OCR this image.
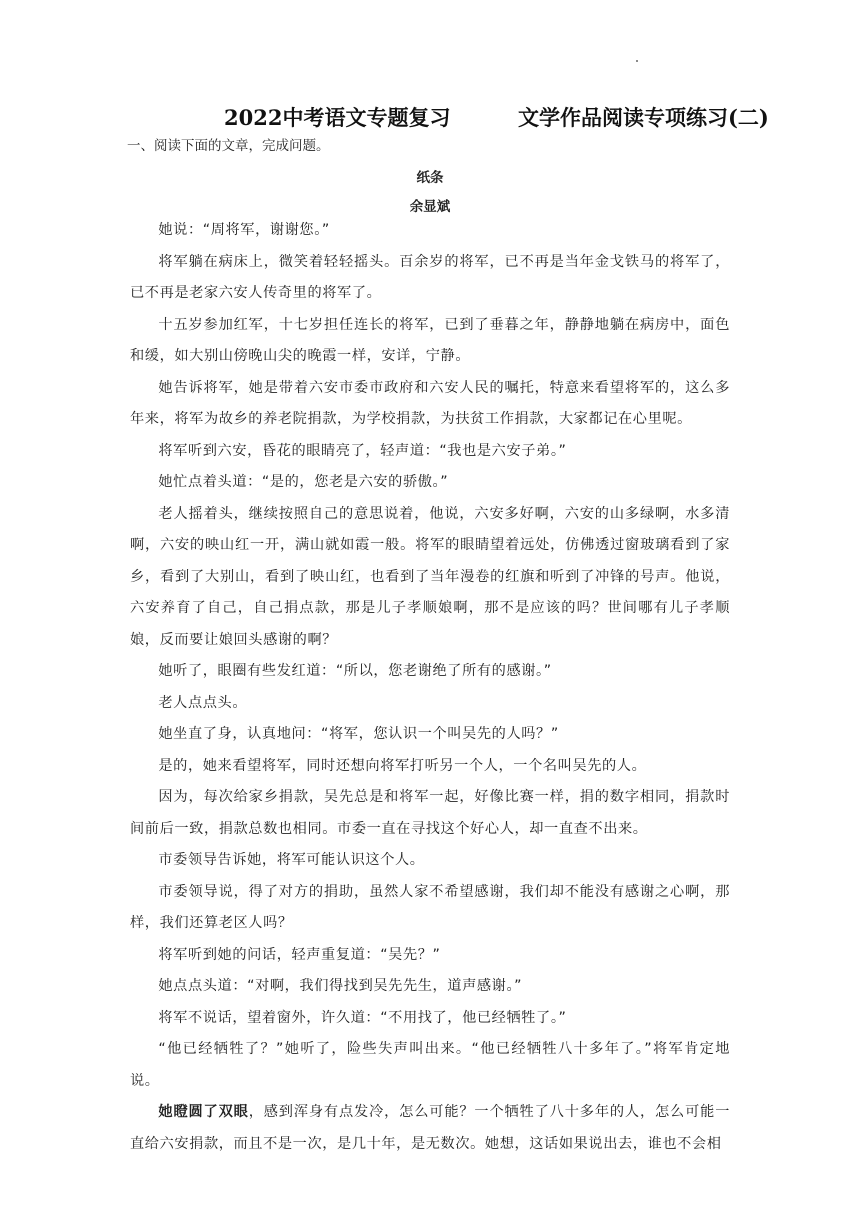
2022中考语文专题复习	文学作品阅读专项练习(二)
一、阅读下面的文章，完成问题。
纸条
余显斌

她说：“周将军，谢谢您。”

将军躺在病床上，微笑着轻轻摇头。百余岁的将军，已不再是当年金戈铁马的将军了，已不再是老家六安人传奇里的将军了。

十五岁参加红军，十七岁担任连长的将军，已到了垂暮之年，静静地躺在病房中，面色和缓，如大别山傍晚山尖的晚霞一样，安详，宁静。

她告诉将军，她是带着六安市委市政府和六安人民的嘱托，特意来看望将军的，这么多年来，将军为故乡的养老院捐款，为学校捐款，为扶贫工作捐款，大家都记在心里呢。

将军听到六安，昏花的眼睛亮了，轻声道：“我也是六安子弟。”

她忙点着头道：“是的，您老是六安的骄傲。”

老人摇着头，继续按照自己的意思说着，他说，六安多好啊，六安的山多绿啊，水多清啊，六安的映山红一开，满山就如霞一般。将军的眼睛望着远处，仿佛透过窗玻璃看到了家乡，看到了大别山，看到了映山红，也看到了当年漫卷的红旗和听到了冲锋的号声。他说，六安养育了自己，自己捐点款，那是儿子孝顺娘啊，那不是应该的吗？世间哪有儿子孝顺娘，反而要让娘回头感谢的啊？

她听了，眼圈有些发红道：“所以，您老谢绝了所有的感谢。”

老人点点头。

她坐直了身，认真地问：“将军，您认识一个叫吴先的人吗？”

是的，她来看望将军，同时还想向将军打听另一个人，一个名叫吴先的人。

因为，每次给家乡捐款，吴先总是和将军一起，好像比赛一样，捐的数字相同，捐款时间前后一致，捐款总数也相同。市委一直在寻找这个好心人，却一直查不出来。

市委领导告诉她，将军可能认识这个人。

市委领导说，得了对方的捐助，虽然人家不希望感谢，我们却不能没有感谢之心啊，那样，我们还算老区人吗？

将军听到她的问话，轻声重复道：“吴先？”

她点点头道：“对啊，我们得找到吴先先生，道声感谢。”

将军不说话，望着窗外，许久道：“不用找了，他已经牺牲了。”

“他已经牺牲了？”她听了，险些失声叫出来。“他已经牺牲八十多年了。”将军肯定地说。

她瞪圆了双眼，感到浑身有点发冷，怎么可能？一个牺牲了八十多年的人，怎么可能一直给六安捐款，而且不是一次，是几十年，是无数次。她想，这话如果说出去，谁也不会相
